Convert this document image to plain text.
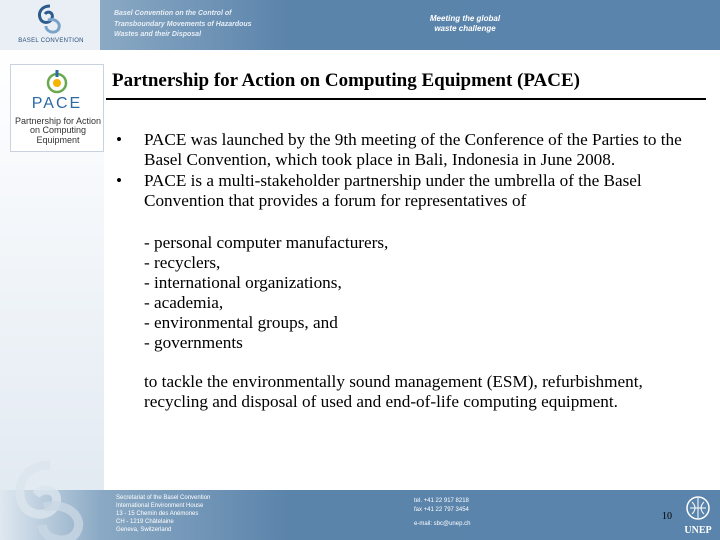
BASEL CONVENTION
Basel Convention on the Control of Transboundary Movements of Hazardous Wastes and their Disposal
Meeting the global waste challenge
PACE
Partnership for Action on Computing Equipment
Partnership for Action on Computing Equipment (PACE)
• PACE was launched by the 9th meeting of the Conference of the Parties to the Basel Convention, which took place in Bali, Indonesia in June 2008.
• PACE is a multi-stakeholder partnership under the umbrella of the Basel Convention that provides a forum for representatives of
- personal computer manufacturers,
- recyclers,
- international organizations,
- academia,
- environmental groups, and
- governments
to tackle the environmentally sound management (ESM), refurbishment, recycling and disposal of used and end-of-life computing equipment.
Secretariat of the Basel Convention
International Environment House
13 - 15 Chemin des Anémones
CH - 1219 Châtelaine
Geneva, Switzerland
tel. +41 22 917 8218
fax +41 22 797 3454
e-mail: sbc@unep.ch
10
UNEP
